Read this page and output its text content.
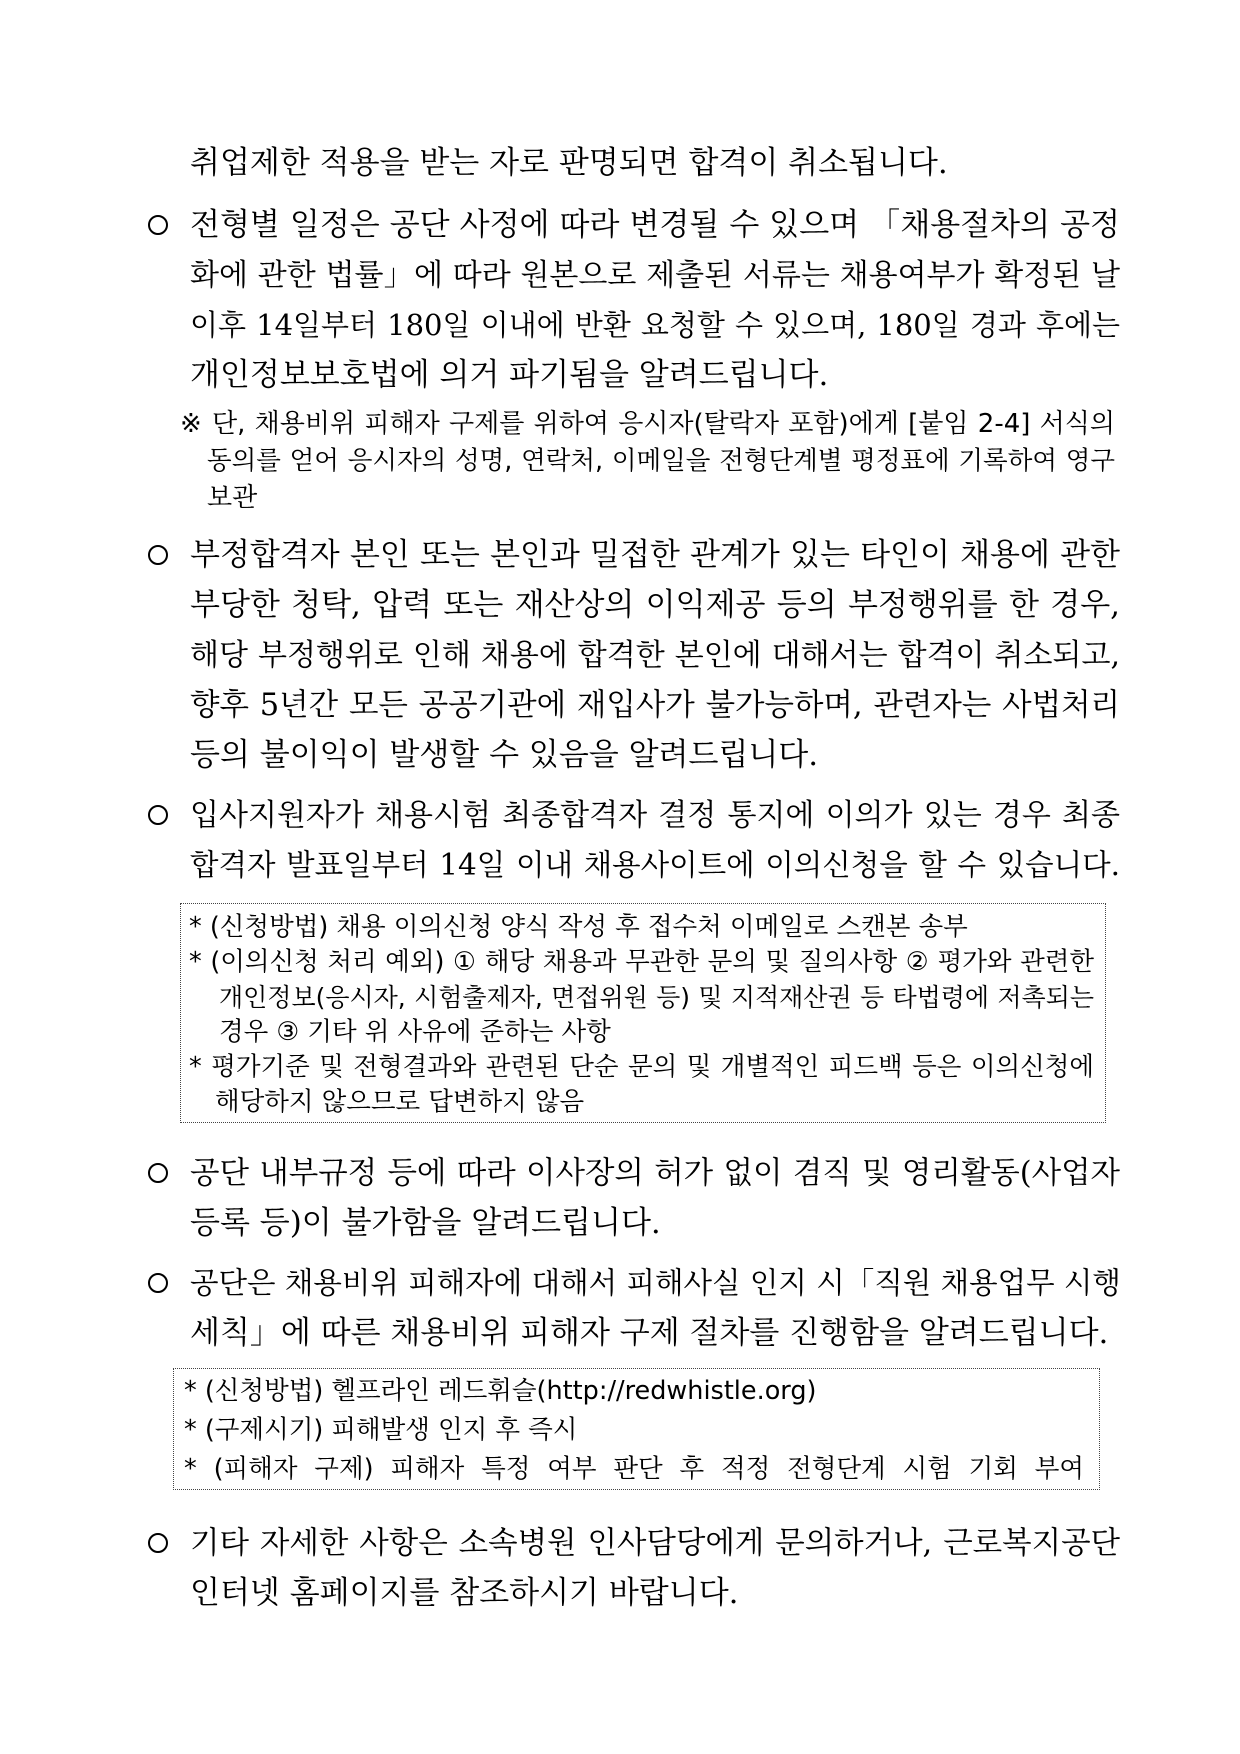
취업제한 적용을 받는 자로 판명되면 합격이 취소됩니다.
전형별 일정은 공단 사정에 따라 변경될 수 있으며 「채용절차의 공정
화에 관한 법률」에 따라 원본으로 제출된 서류는 채용여부가 확정된 날
이후 14일부터 180일 이내에 반환 요청할 수 있으며, 180일 경과 후에는
개인정보보호법에 의거 파기됨을 알려드립니다.
※ 단, 채용비위 피해자 구제를 위하여 응시자(탈락자 포함)에게 [붙임 2-4] 서식의
동의를 얻어 응시자의 성명, 연락처, 이메일을 전형단계별 평정표에 기록하여 영구
보관
부정합격자 본인 또는 본인과 밀접한 관계가 있는 타인이 채용에 관한
부당한 청탁, 압력 또는 재산상의 이익제공 등의 부정행위를 한 경우,
해당 부정행위로 인해 채용에 합격한 본인에 대해서는 합격이 취소되고,
향후 5년간 모든 공공기관에 재입사가 불가능하며, 관련자는 사법처리
등의 불이익이 발생할 수 있음을 알려드립니다.
입사지원자가 채용시험 최종합격자 결정 통지에 이의가 있는 경우 최종
합격자 발표일부터 14일 이내 채용사이트에 이의신청을 할 수 있습니다.
* (신청방법) 채용 이의신청 양식 작성 후 접수처 이메일로 스캔본 송부
* (이의신청 처리 예외) ① 해당 채용과 무관한 문의 및 질의사항 ② 평가와 관련한
개인정보(응시자, 시험출제자, 면접위원 등) 및 지적재산권 등 타법령에 저촉되는
경우 ③ 기타 위 사유에 준하는 사항
* 평가기준 및 전형결과와 관련된 단순 문의 및 개별적인 피드백 등은 이의신청에
해당하지 않으므로 답변하지 않음
공단 내부규정 등에 따라 이사장의 허가 없이 겸직 및 영리활동(사업자
등록 등)이 불가함을 알려드립니다.
공단은 채용비위 피해자에 대해서 피해사실 인지 시「직원 채용업무 시행
세칙」에 따른 채용비위 피해자 구제 절차를 진행함을 알려드립니다.
* (신청방법) 헬프라인 레드휘슬(http://redwhistle.org)
* (구제시기) 피해발생 인지 후 즉시
* (피해자 구제) 피해자 특정 여부 판단 후 적정 전형단계 시험 기회 부여
기타 자세한 사항은 소속병원 인사담당에게 문의하거나, 근로복지공단
인터넷 홈페이지를 참조하시기 바랍니다.
